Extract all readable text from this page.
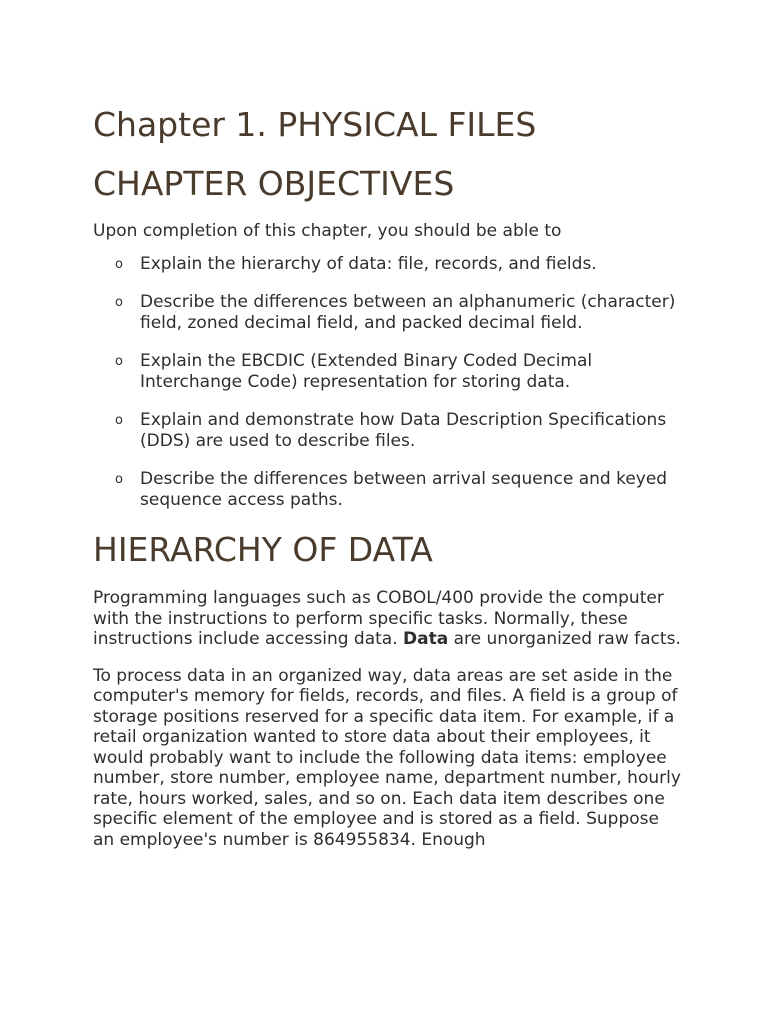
Chapter 1. PHYSICAL FILES
CHAPTER OBJECTIVES

Upon completion of this chapter, you should be able to

o Explain the hierarchy of data: file, records, and fields.
o Describe the differences between an alphanumeric (character) field, zoned decimal field, and packed decimal field.
o Explain the EBCDIC (Extended Binary Coded Decimal Interchange Code) representation for storing data.
o Explain and demonstrate how Data Description Specifications (DDS) are used to describe files.
o Describe the differences between arrival sequence and keyed sequence access paths.
HIERARCHY OF DATA

Programming languages such as COBOL/400 provide the computer with the instructions to perform specific tasks. Normally, these instructions include accessing data. Data are unorganized raw facts.

To process data in an organized way, data areas are set aside in the computer's memory for fields, records, and files. A field is a group of storage positions reserved for a specific data item. For example, if a retail organization wanted to store data about their employees, it would probably want to include the following data items: employee number, store number, employee name, department number, hourly rate, hours worked, sales, and so on. Each data item describes one specific element of the employee and is stored as a field. Suppose an employee's number is 864955834. Enough
